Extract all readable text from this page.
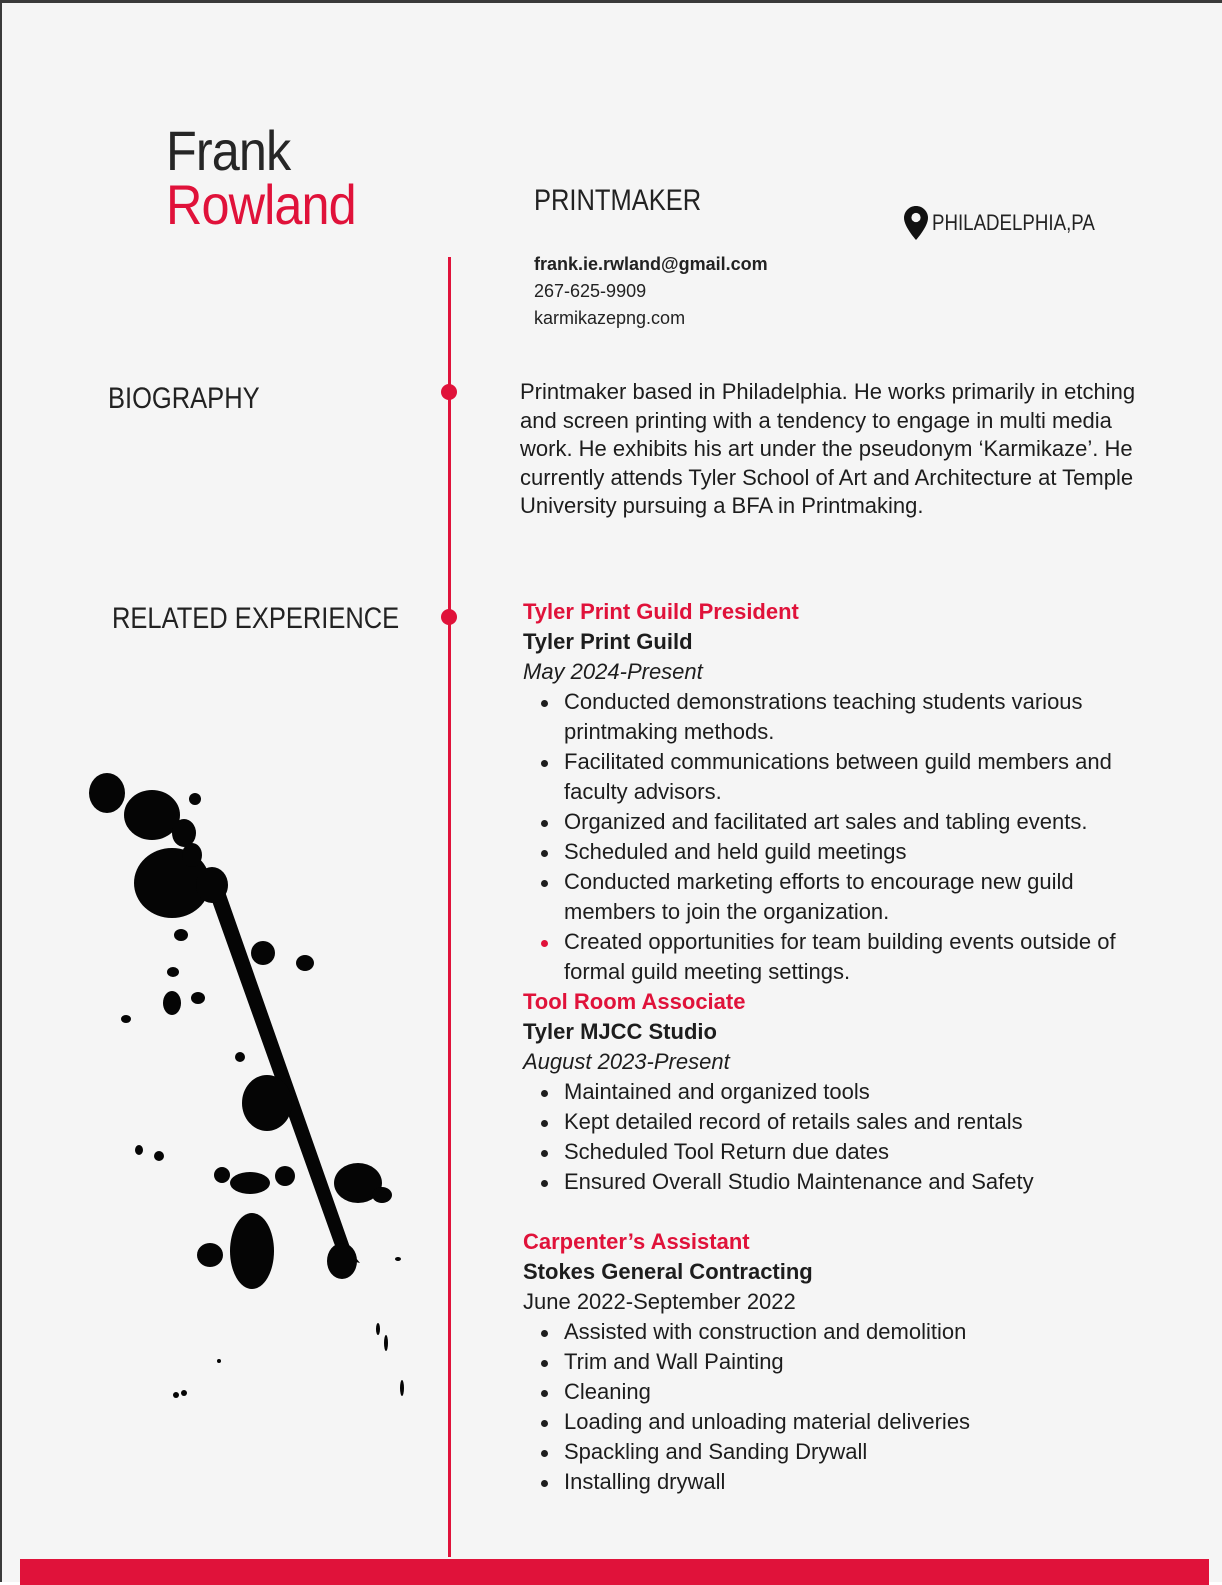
Frank
Rowland	PRINTMAKER
PHILADELPHIA,PA
frank.ie.rwland@gmail.com
267-625-9909
karmikazepng.com
BIOGRAPHY
RELATED EXPERIENCE
Printmaker based in Philadelphia. He works primarily in etching and screen printing with a tendency to engage in multi media work. He exhibits his art under the pseudonym ‘Karmikaze’. He currently attends Tyler School of Art and Architecture at Temple University pursuing a BFA in Printmaking.
Tyler Print Guild President
Tyler Print Guild
May 2024-Present
Conducted demonstrations teaching students various printmaking methods.
Facilitated communications between guild members and faculty advisors.
Organized and facilitated art sales and tabling events.
Scheduled and held guild meetings
Conducted marketing efforts to encourage new guild members to join the organization.
Created opportunities for team building events outside of formal guild meeting settings.
Tool Room Associate
Tyler MJCC Studio
August 2023-Present
Maintained and organized tools
Kept detailed record of retails sales and rentals
Scheduled Tool Return due dates
Ensured Overall Studio Maintenance and Safety
Carpenter’s Assistant
Stokes General Contracting
June 2022-September 2022
Assisted with construction and demolition
Trim and Wall Painting
Cleaning
Loading and unloading material deliveries
Spackling and Sanding Drywall
Installing drywall
